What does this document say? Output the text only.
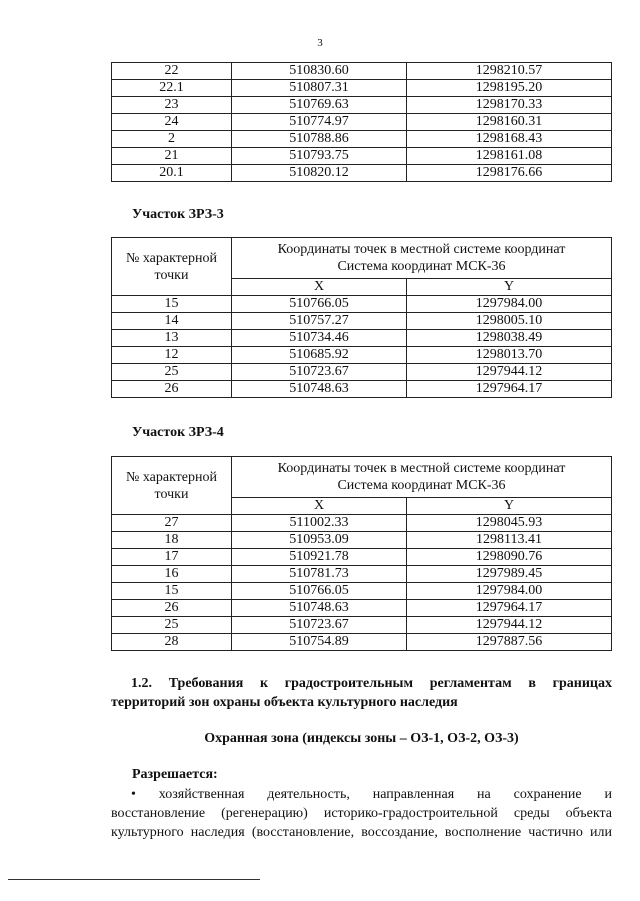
3
22	510830.60	1298210.57
22.1	510807.31	1298195.20
23	510769.63	1298170.33
24	510774.97	1298160.31
2	510788.86	1298168.43
21	510793.75	1298161.08
20.1	510820.12	1298176.66
Участок ЗРЗ-3
№ характерной
точки	Координаты точек в местной системе координат
Система координат МСК-36	
	X	Y
15	510766.05	1297984.00
14	510757.27	1298005.10
13	510734.46	1298038.49
12	510685.92	1298013.70
25	510723.67	1297944.12
26	510748.63	1297964.17
Участок ЗРЗ-4
№ характерной
точки	Координаты точек в местной системе координат
Система координат МСК-36	
	X	Y
27	511002.33	1298045.93
18	510953.09	1298113.41
17	510921.78	1298090.76
16	510781.73	1297989.45
15	510766.05	1297984.00
26	510748.63	1297964.17
25	510723.67	1297944.12
28	510754.89	1297887.56
1.2. Требования к градостроительным регламентам в границах
территорий зон охраны объекта культурного наследия
Охранная зона (индексы зоны – ОЗ-1, ОЗ-2, ОЗ-3)
Разрешается:
• хозяйственная деятельность, направленная на сохранение и
восстановление (регенерацию) историко-градостроительной среды объекта
культурного наследия (восстановление, воссоздание, восполнение частично или
